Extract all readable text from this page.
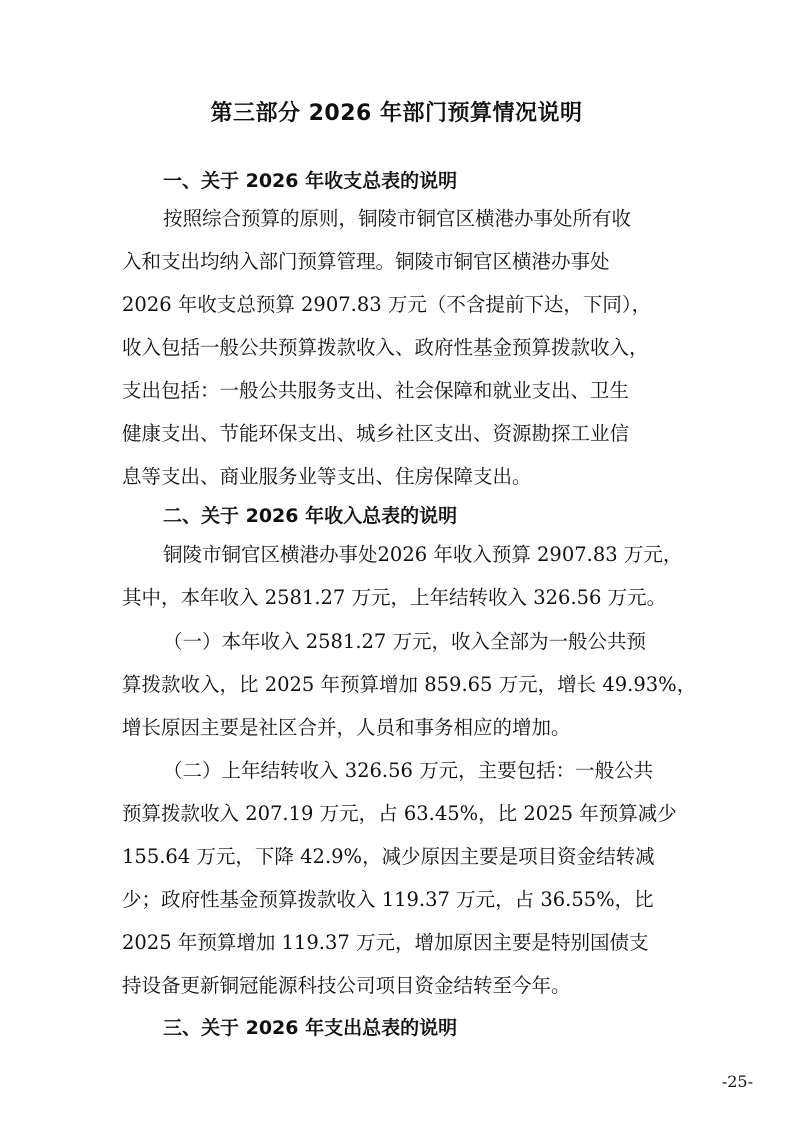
第三部分 2026 年部门预算情况说明
一、关于 2026 年收支总表的说明
按照综合预算的原则，铜陵市铜官区横港办事处所有收
入和支出均纳入部门预算管理。铜陵市铜官区横港办事处
2026 年收支总预算 2907.83 万元（不含提前下达，下同），
收入包括一般公共预算拨款收入、政府性基金预算拨款收入，
支出包括：一般公共服务支出、社会保障和就业支出、卫生
健康支出、节能环保支出、城乡社区支出、资源勘探工业信
息等支出、商业服务业等支出、住房保障支出。
二、关于 2026 年收入总表的说明
铜陵市铜官区横港办事处2026 年收入预算 2907.83 万元，
其中，本年收入 2581.27 万元，上年结转收入 326.56 万元。
（一）本年收入 2581.27 万元，收入全部为一般公共预
算拨款收入，比 2025 年预算增加 859.65 万元，增长 49.93%，
增长原因主要是社区合并，人员和事务相应的增加。
（二）上年结转收入 326.56 万元，主要包括：一般公共
预算拨款收入 207.19 万元，占 63.45%，比 2025 年预算减少
155.64 万元，下降 42.9%，减少原因主要是项目资金结转减
少；政府性基金预算拨款收入 119.37 万元，占 36.55%，比
2025 年预算增加 119.37 万元，增加原因主要是特别国债支
持设备更新铜冠能源科技公司项目资金结转至今年。
三、关于 2026 年支出总表的说明
-25-
